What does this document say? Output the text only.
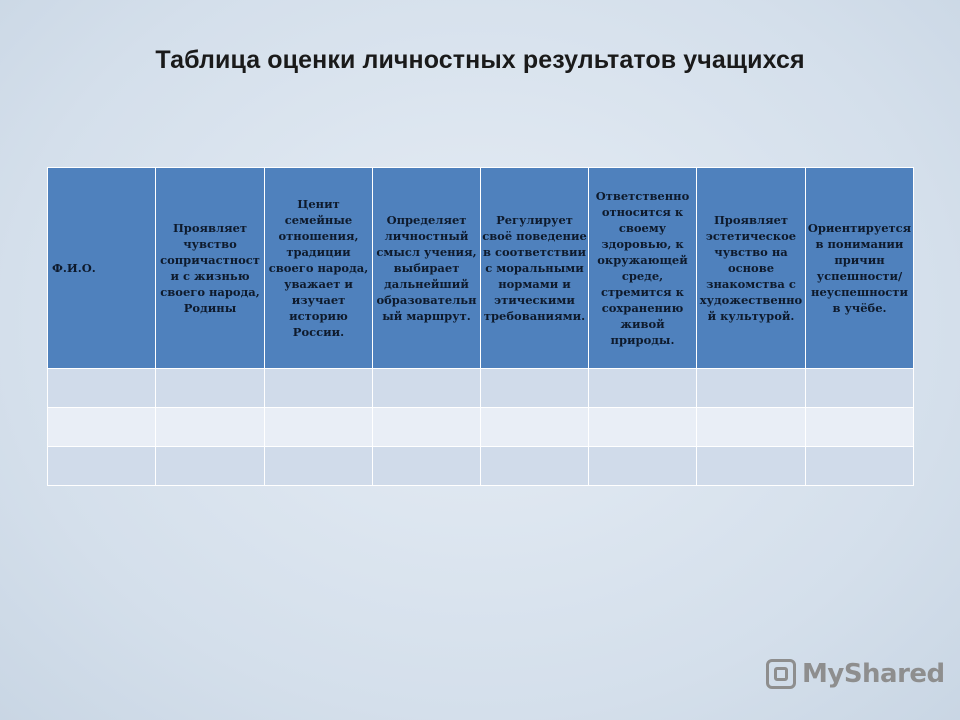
Таблица оценки личностных результатов учащихся
Ф.И.О.	Проявляет чувство сопричастности с жизнью своего народа, Родины	Ценит семейные отношения, традиции своего народа, уважает и изучает историю России.	Определяет личностный смысл учения, выбирает дальнейший образовательный маршрут.	Регулирует своё поведение в соответствии с моральными нормами и этическими требованиями.	Ответственно относится к своему здоровью, к окружающей среде, стремится к сохранению живой природы.	Проявляет эстетическое чувство на основе знакомства с художественной культурой.	Ориентируется в понимании причин успешности/неуспешности в учёбе.

MyShared
